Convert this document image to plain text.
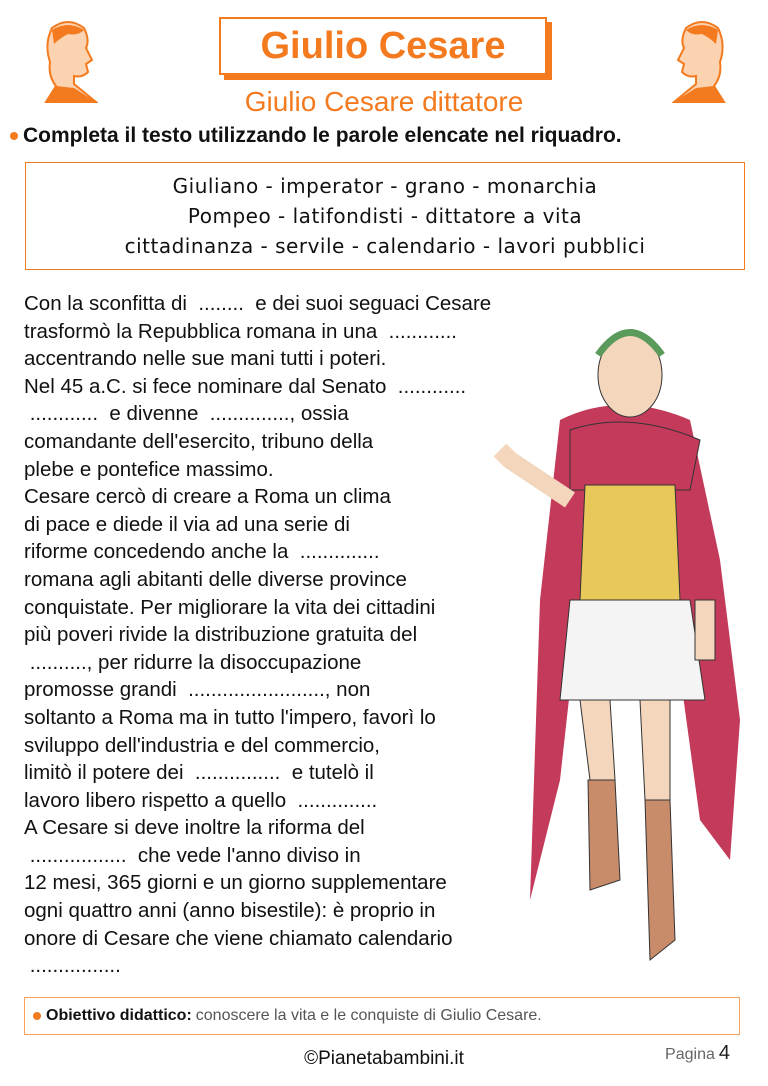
Giulio Cesare
Giulio Cesare dittatore
Completa il testo utilizzando le parole elencate nel riquadro.
Giuliano - imperator - grano - monarchia
Pompeo - latifondisti - dittatore a vita
cittadinanza - servile - calendario - lavori pubblici
Con la sconfitta di  ........  e dei suoi seguaci Cesare
trasformò la Repubblica romana in una  ............
accentrando nelle sue mani tutti i poteri.
Nel 45 a.C. si fece nominare dal Senato  ............
............  e divenne  .............., ossia
comandante dell'esercito, tribuno della
plebe e pontefice massimo.
Cesare cercò di creare a Roma un clima
di pace e diede il via ad una serie di
riforme concedendo anche la  ..............
romana agli abitanti delle diverse province
conquistate. Per migliorare la vita dei cittadini
più poveri rivide la distribuzione gratuita del
.........., per ridurre la disoccupazione
promosse grandi  ........................, non
soltanto a Roma ma in tutto l'impero, favorì lo
sviluppo dell'industria e del commercio,
limitò il potere dei  ...............  e tutelò il
lavoro libero rispetto a quello  ..............
A Cesare si deve inoltre la riforma del
.................  che vede l'anno diviso in
12 mesi, 365 giorni e un giorno supplementare
ogni quattro anni (anno bisestile): è proprio in
onore di Cesare che viene chiamato calendario
................
Obiettivo didattico: conoscere la vita e le conquiste di Giulio Cesare.
©Pianetabambini.it	Pagina 4
